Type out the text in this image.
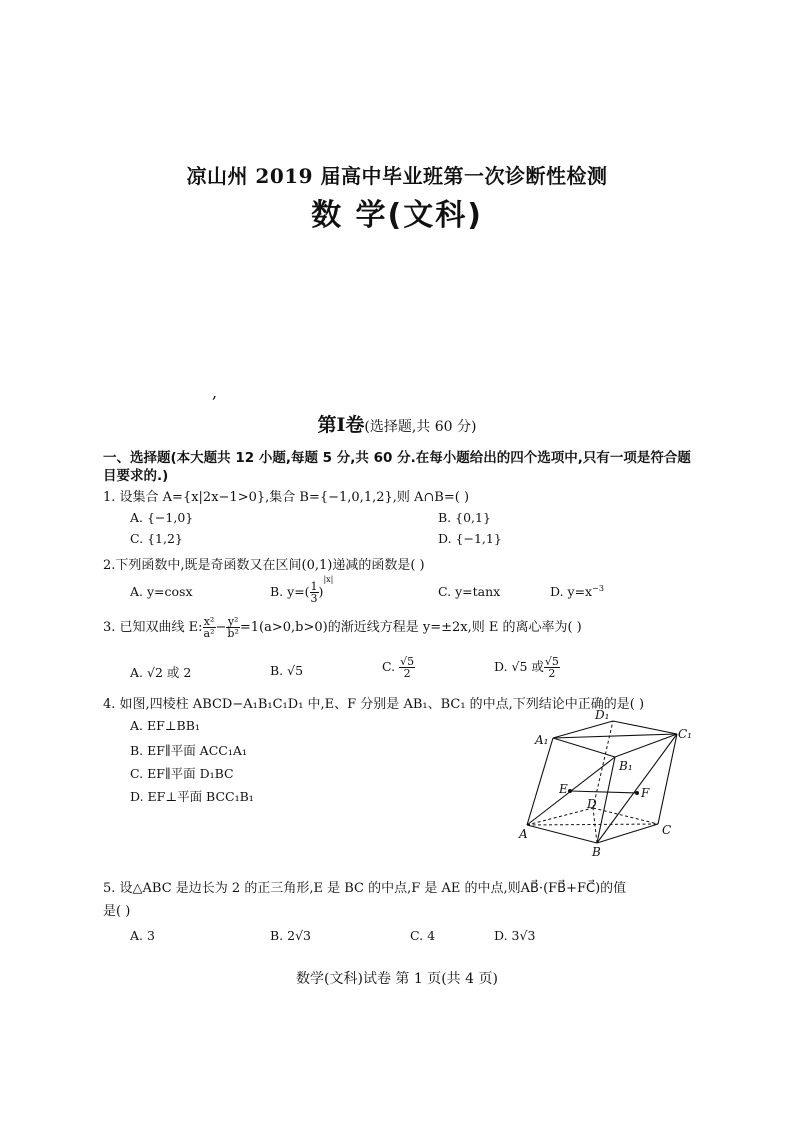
凉山州 2019 届高中毕业班第一次诊断性检测
数 学(文科)
,
第Ⅰ卷(选择题,共 60 分)
一、选择题(本大题共 12 小题,每题 5 分,共 60 分.在每小题给出的四个选项中,只有一项是符合题目要求的.)
1. 设集合 A={x|2x−1>0},集合 B={−1,0,1,2},则 A∩B=( )
A. {−1,0}	B. {0,1}
C. {1,2}	D. {−1,1}
2.下列函数中,既是奇函数又在区间(0,1)递减的函数是( )
A. y=cosx	B. $y=( \frac{1}{3} )^{|x|}$
C. y=tanx	D. $y=x^{-3}$
3. 已知双曲线 E: $\frac{\text{x²}}{\text{a²}} - \frac{\text{y²}}{\text{b²}} =1(a>0,b>0)$的渐近线方程是 y=±2x,则 E 的离心率为( )
A. √2 或 2	B. √5	C. $\frac{√5}{2}$	D. √5 或 $\frac{√5}{2}$
4. 如图,四棱柱 ABCD−A₁B₁C₁D₁ 中,E、F 分别是 AB₁、BC₁ 的中点,下列结论中正确的是( )
A. EF⊥BB₁
B. EF∥平面 ACC₁A₁
C. EF∥平面 D₁BC
D. EF⊥平面 BCC₁B₁
A
B
C
D
A₁
B₁
C₁
D₁
E	F
5. 设△ABC 是边长为 2 的正三角形,E 是 BC 的中点,F 是 AE 的中点,则AB⃗·(FB⃗+FC⃗)的值
是( )
A. 3	B. 2√3	C. 4	D. 3√3
数学(文科)试卷 第 1 页(共 4 页)
